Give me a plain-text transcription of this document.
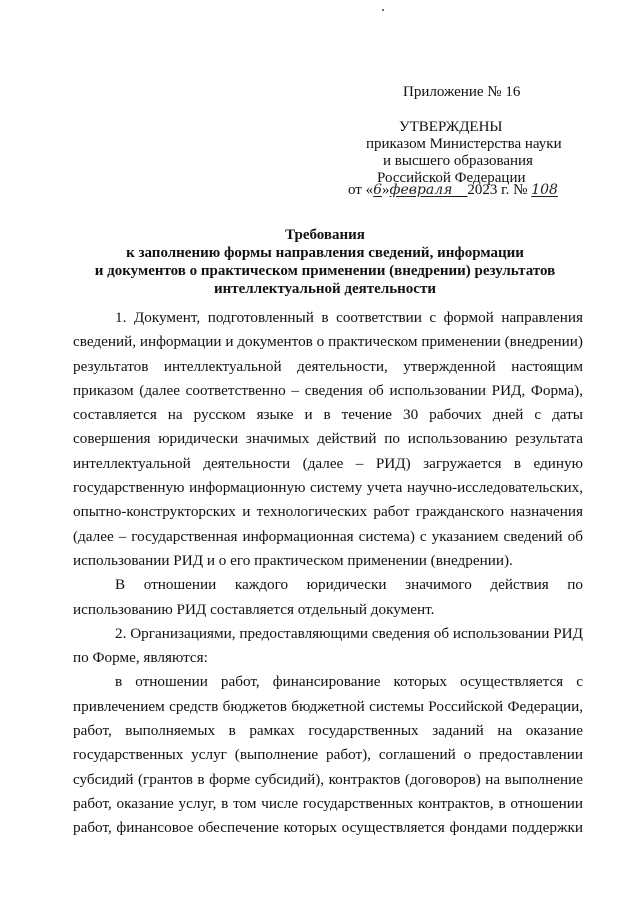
Приложение № 16
УТВЕРЖДЕНЫ
приказом Министерства науки
и высшего образования
Российской Федерации
от «6»февраля 2023 г. № 108
Требования
к заполнению формы направления сведений, информации
и документов о практическом применении (внедрении) результатов
интеллектуальной деятельности

1. Документ, подготовленный в соответствии с формой направления сведений, информации и документов о практическом применении (внедрении) результатов интеллектуальной деятельности, утвержденной настоящим приказом (далее соответственно – сведения об использовании РИД, Форма), составляется на русском языке и в течение 30 рабочих дней с даты совершения юридически значимых действий по использованию результата интеллектуальной деятельности (далее – РИД) загружается в единую государственную информационную систему учета научно-исследовательских, опытно-конструкторских и технологических работ гражданского назначения (далее – государственная информационная система) с указанием сведений об использовании РИД и о его практическом применении (внедрении).

В отношении каждого юридически значимого действия по использованию РИД составляется отдельный документ.

2. Организациями, предоставляющими сведения об использовании РИД по Форме, являются:

в отношении работ, финансирование которых осуществляется с привлечением средств бюджетов бюджетной системы Российской Федерации, работ, выполняемых в рамках государственных заданий на оказание государственных услуг (выполнение работ), соглашений о предоставлении субсидий (грантов в форме субсидий), контрактов (договоров) на выполнение работ, оказание услуг, в том числе государственных контрактов, в отношении работ, финансовое обеспечение которых осуществляется фондами поддержки
